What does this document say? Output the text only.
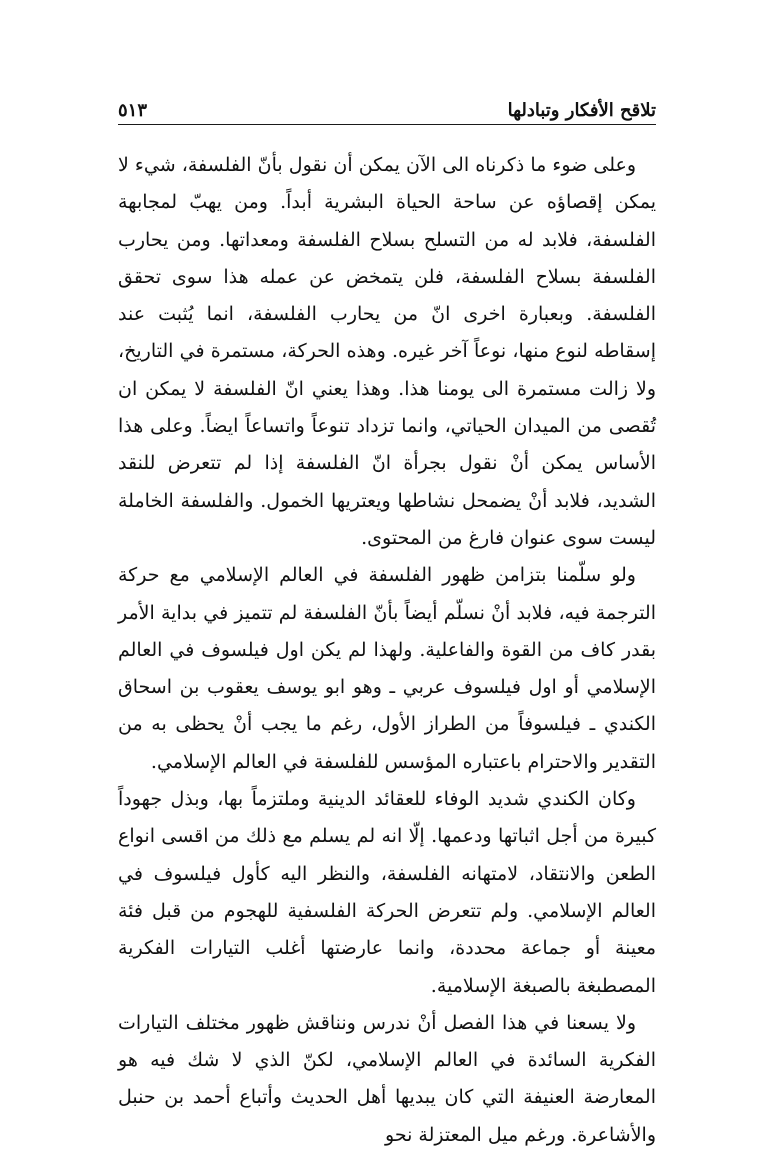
تلاقح الأفكار وتبادلها
٥١٣

وعلى ضوء ما ذكرناه الى الآن يمكن أن نقول بأنّ الفلسفة، شيء لا يمكن إقصاؤه عن ساحة الحياة البشرية أبداً. ومن يهبّ لمجابهة الفلسفة، فلابد له من التسلح بسلاح الفلسفة ومعداتها. ومن يحارب الفلسفة بسلاح الفلسفة، فلن يتمخض عن عمله هذا سوى تحقق الفلسفة. وبعبارة اخرى انّ من يحارب الفلسفة، انما يُثبت عند إسقاطه لنوع منها، نوعاً آخر غيره. وهذه الحركة، مستمرة في التاريخ، ولا زالت مستمرة الى يومنا هذا. وهذا يعني انّ الفلسفة لا يمكن ان تُقصى من الميدان الحياتي، وانما تزداد تنوعاً واتساعاً ايضاً. وعلى هذا الأساس يمكن أنْ نقول بجرأة انّ الفلسفة إذا لم تتعرض للنقد الشديد، فلابد أنْ يضمحل نشاطها ويعتريها الخمول. والفلسفة الخاملة ليست سوى عنوان فارغ من المحتوى.

ولو سلّمنا بتزامن ظهور الفلسفة في العالم الإسلامي مع حركة الترجمة فيه، فلابد أنْ نسلّم أيضاً بأنّ الفلسفة لم تتميز في بداية الأمر بقدر كاف من القوة والفاعلية. ولهذا لم يكن اول فيلسوف في العالم الإسلامي أو اول فيلسوف عربي ـ وهو ابو يوسف يعقوب بن اسحاق الكندي ـ فيلسوفاً من الطراز الأول، رغم ما يجب أنْ يحظى به من التقدير والاحترام باعتباره المؤسس للفلسفة في العالم الإسلامي.

وكان الكندي شديد الوفاء للعقائد الدينية وملتزماً بها، وبذل جهوداً كبيرة من أجل اثباتها ودعمها. إلّا انه لم يسلم مع ذلك من اقسى انواع الطعن والانتقاد، لامتهانه الفلسفة، والنظر اليه كأول فيلسوف في العالم الإسلامي. ولم تتعرض الحركة الفلسفية للهجوم من قبل فئة معينة أو جماعة محددة، وانما عارضتها أغلب التيارات الفكرية المصطبغة بالصبغة الإسلامية.

ولا يسعنا في هذا الفصل أنْ ندرس ونناقش ظهور مختلف التيارات الفكرية السائدة في العالم الإسلامي، لكنّ الذي لا شك فيه هو المعارضة العنيفة التي كان يبديها أهل الحديث وأتباع أحمد بن حنبل والأشاعرة. ورغم ميل المعتزلة نحو
